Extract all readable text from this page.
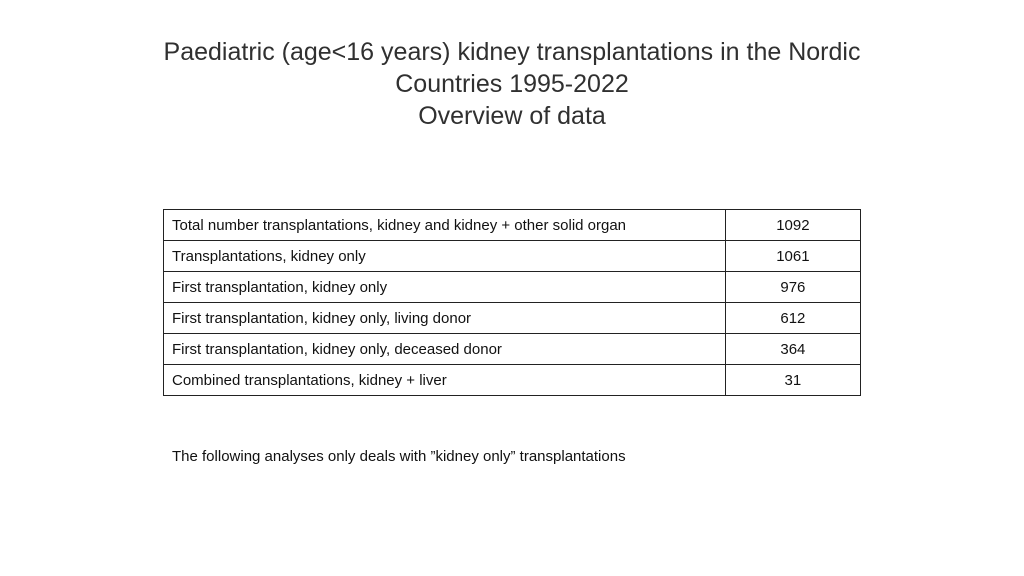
Paediatric (age<16 years) kidney transplantations in the Nordic
Countries 1995-2022
Overview of data
Total number transplantations, kidney and kidney + other solid organ	1092
Transplantations, kidney only	1061
First transplantation, kidney only	976
First transplantation, kidney only, living donor	612
First transplantation, kidney only, deceased donor	364
Combined transplantations, kidney + liver	31
The following analyses only deals with ”kidney only” transplantations
